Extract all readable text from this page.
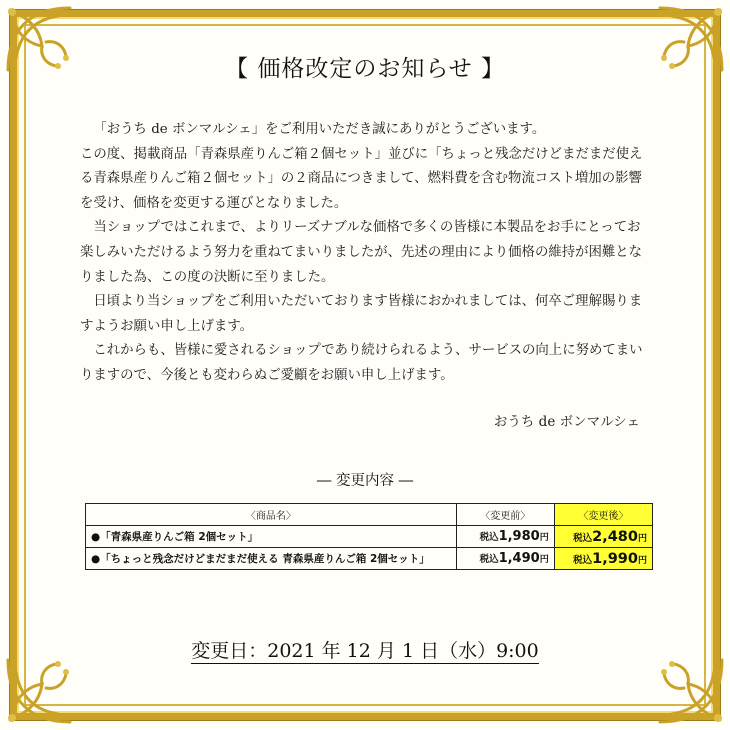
【 価格改定のお知らせ 】

「おうち de ボンマルシェ」をご利用いただき誠にありがとうございます。

この度、掲載商品「青森県産りんご箱２個セット」並びに「ちょっと残念だけどまだまだ使える青森県産りんご箱２個セット」の２商品につきまして、燃料費を含む物流コスト増加の影響を受け、価格を変更する運びとなりました。

当ショップではこれまで、よりリーズナブルな価格で多くの皆様に本製品をお手にとってお楽しみいただけるよう努力を重ねてまいりましたが、先述の理由により価格の維持が困難となりました為、この度の決断に至りました。

日頃より当ショップをご利用いただいております皆様におかれましては、何卒ご理解賜りますようお願い申し上げます。

これからも、皆様に愛されるショップであり続けられるよう、サービスの向上に努めてまいりますので、今後とも変わらぬご愛顧をお願い申し上げます。

おうち de ボンマルシェ
― 変更内容 ―
〈商品名〉	〈変更前〉	〈変更後〉
●「青森県産りんご箱 2個セット」	税込1,980円	税込2,480円
●「ちょっと残念だけどまだまだ使える 青森県産りんご箱 2個セット」	税込1,490円	税込1,990円
変更日：2021 年 12 月 1 日（水）9:00
